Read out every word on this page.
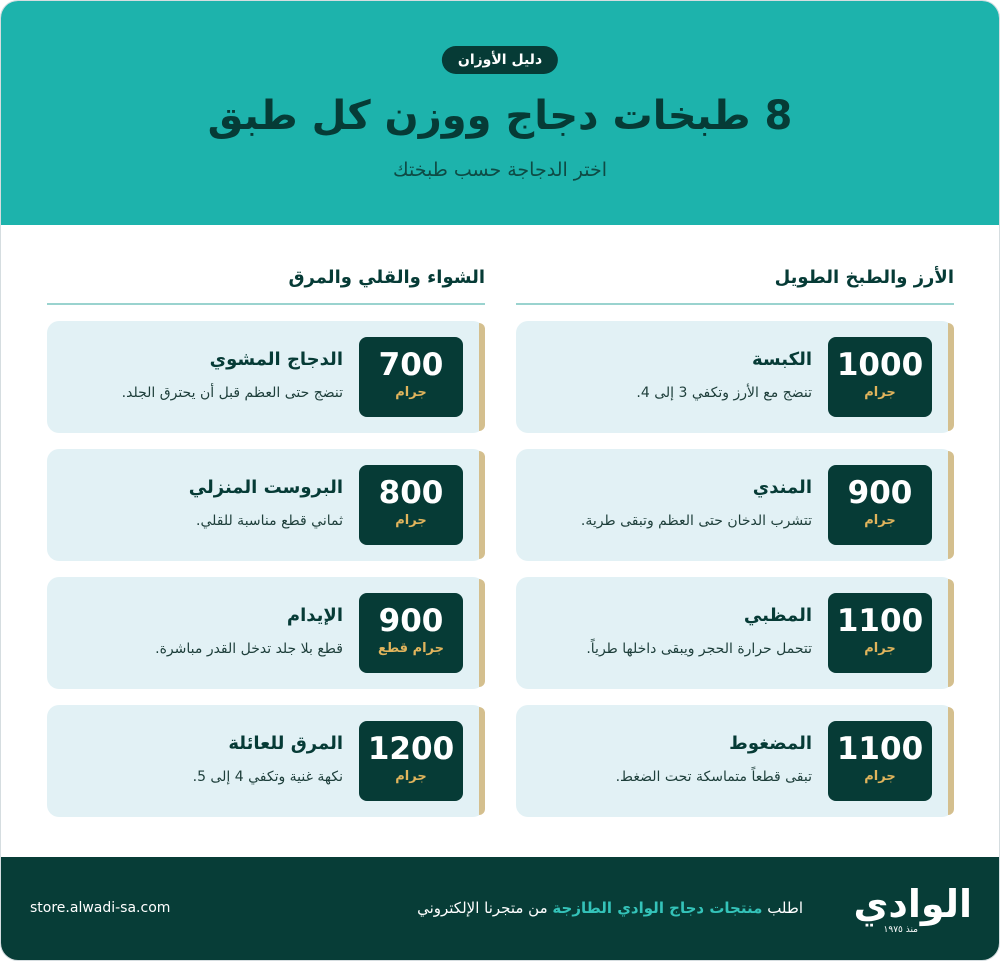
دليل الأوزان
8 طبخات دجاج ووزن كل طبق
اختر الدجاجة حسب طبختك
الأرز والطبخ الطويل
1000
جرام
الكبسة
تنضج مع الأرز وتكفي 3 إلى 4.
900
جرام
المندي
تتشرب الدخان حتى العظم وتبقى طرية.
1100
جرام
المظبي
تتحمل حرارة الحجر ويبقى داخلها طرياً.
1100
جرام
المضغوط
تبقى قطعاً متماسكة تحت الضغط.
الشواء والقلي والمرق
700
جرام
الدجاج المشوي
تنضج حتى العظم قبل أن يحترق الجلد.
800
جرام
البروست المنزلي
ثماني قطع مناسبة للقلي.
900
جرام قطع
الإيدام
قطع بلا جلد تدخل القدر مباشرة.
1200
جرام
المرق للعائلة
نكهة غنية وتكفي 4 إلى 5.
الوادي
منذ ١٩٧٥
اطلب منتجات دجاج الوادي الطازجة من متجرنا الإلكتروني
store.alwadi-sa.com
